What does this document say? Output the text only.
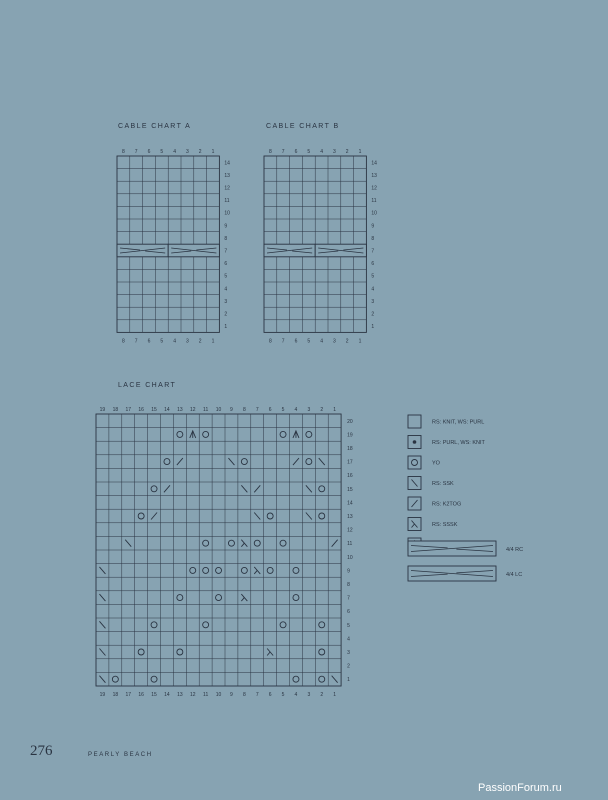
CABLE CHART A	CABLE CHART B
LACE CHART
8
8
7
7
6
6
5
5
4
4
3
3
2
2
1
1
14
13
12
11
10
9
8
7
6
5
4
3
2
1
8
8
7
7
6
6
5
5
4
4
3
3
2
2
1
1
14
13
12
11
10
9
8
7
6
5
4
3
2
1
19
19
18
18
17
17
16
16
15
15
14
14
13
13
12
12
11
11
10
10
9
9
8
8
7
7
6
6
5
5
4
4
3
3
2
2
1
1
20
19
18
17
16
15
14
13
12
11
10
9
8
7
6
5
4
3
2
1
RS: KNIT, WS: PURL
RS: PURL, WS: KNIT
YO
RS: SSK
RS: K2TOG
RS: SSSK
4/4 RC
4/4 LC
276	PEARLY BEACH
PassionForum.ru
